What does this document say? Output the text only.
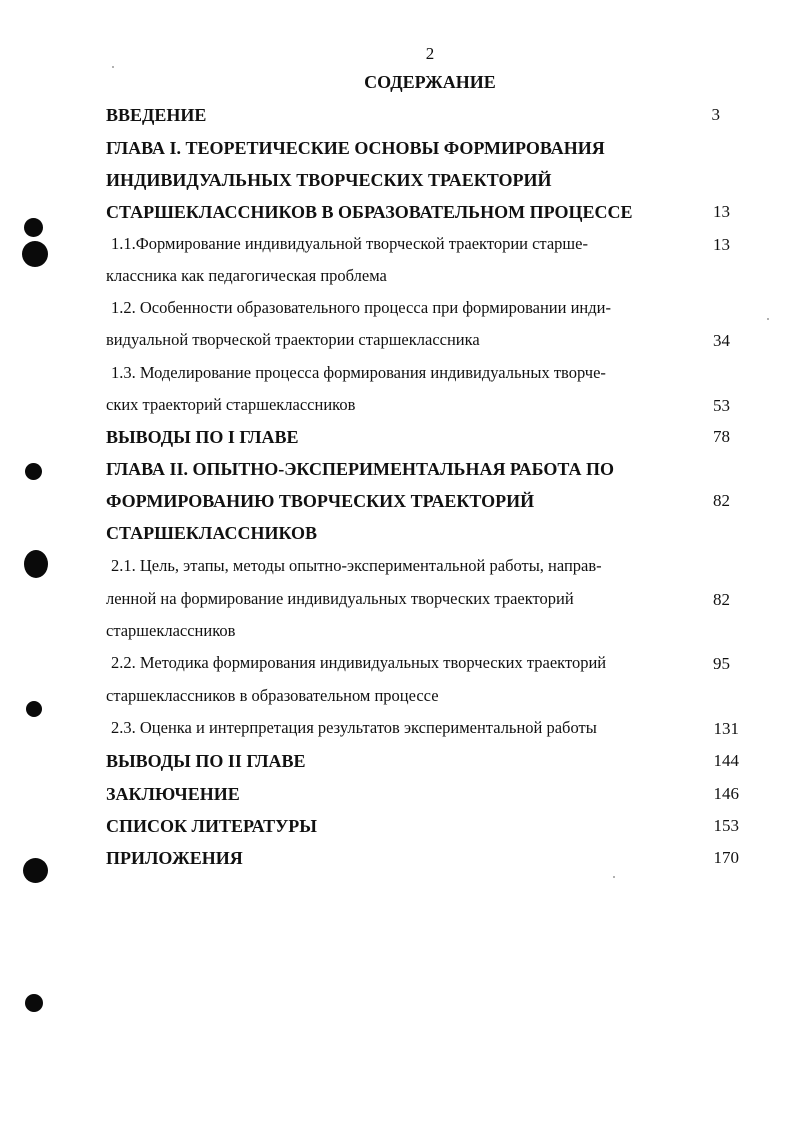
2
СОДЕРЖАНИЕ
ВВЕДЕНИЕ	3
ГЛАВА I. ТЕОРЕТИЧЕСКИЕ ОСНОВЫ ФОРМИРОВАНИЯ
ИНДИВИДУАЛЬНЫХ ТВОРЧЕСКИХ ТРАЕКТОРИЙ
СТАРШЕКЛАССНИКОВ В ОБРАЗОВАТЕЛЬНОМ ПРОЦЕССЕ	13
1.1.Формирование индивидуальной творческой траектории старше-
классника как педагогическая проблема
13
1.2. Особенности образовательного процесса при формировании инди-
видуальной творческой траектории старшеклассника	34
1.3. Моделирование процесса формирования индивидуальных творче-
ских траекторий старшеклассников	53
ВЫВОДЫ ПО I ГЛАВЕ	78
ГЛАВА II. ОПЫТНО-ЭКСПЕРИМЕНТАЛЬНАЯ РАБОТА ПО
ФОРМИРОВАНИЮ ТВОРЧЕСКИХ ТРАЕКТОРИЙ
СТАРШЕКЛАССНИКОВ
82
2.1. Цель, этапы, методы опытно-экспериментальной работы, направ-
ленной на формирование индивидуальных творческих траекторий
старшеклассников
82
2.2. Методика формирования индивидуальных творческих траекторий
старшеклассников в образовательном процессе
95
2.3. Оценка и интерпретация результатов экспериментальной работы	131
ВЫВОДЫ ПО II ГЛАВЕ	144
ЗАКЛЮЧЕНИЕ	146
СПИСОК ЛИТЕРАТУРЫ	153
ПРИЛОЖЕНИЯ	170
